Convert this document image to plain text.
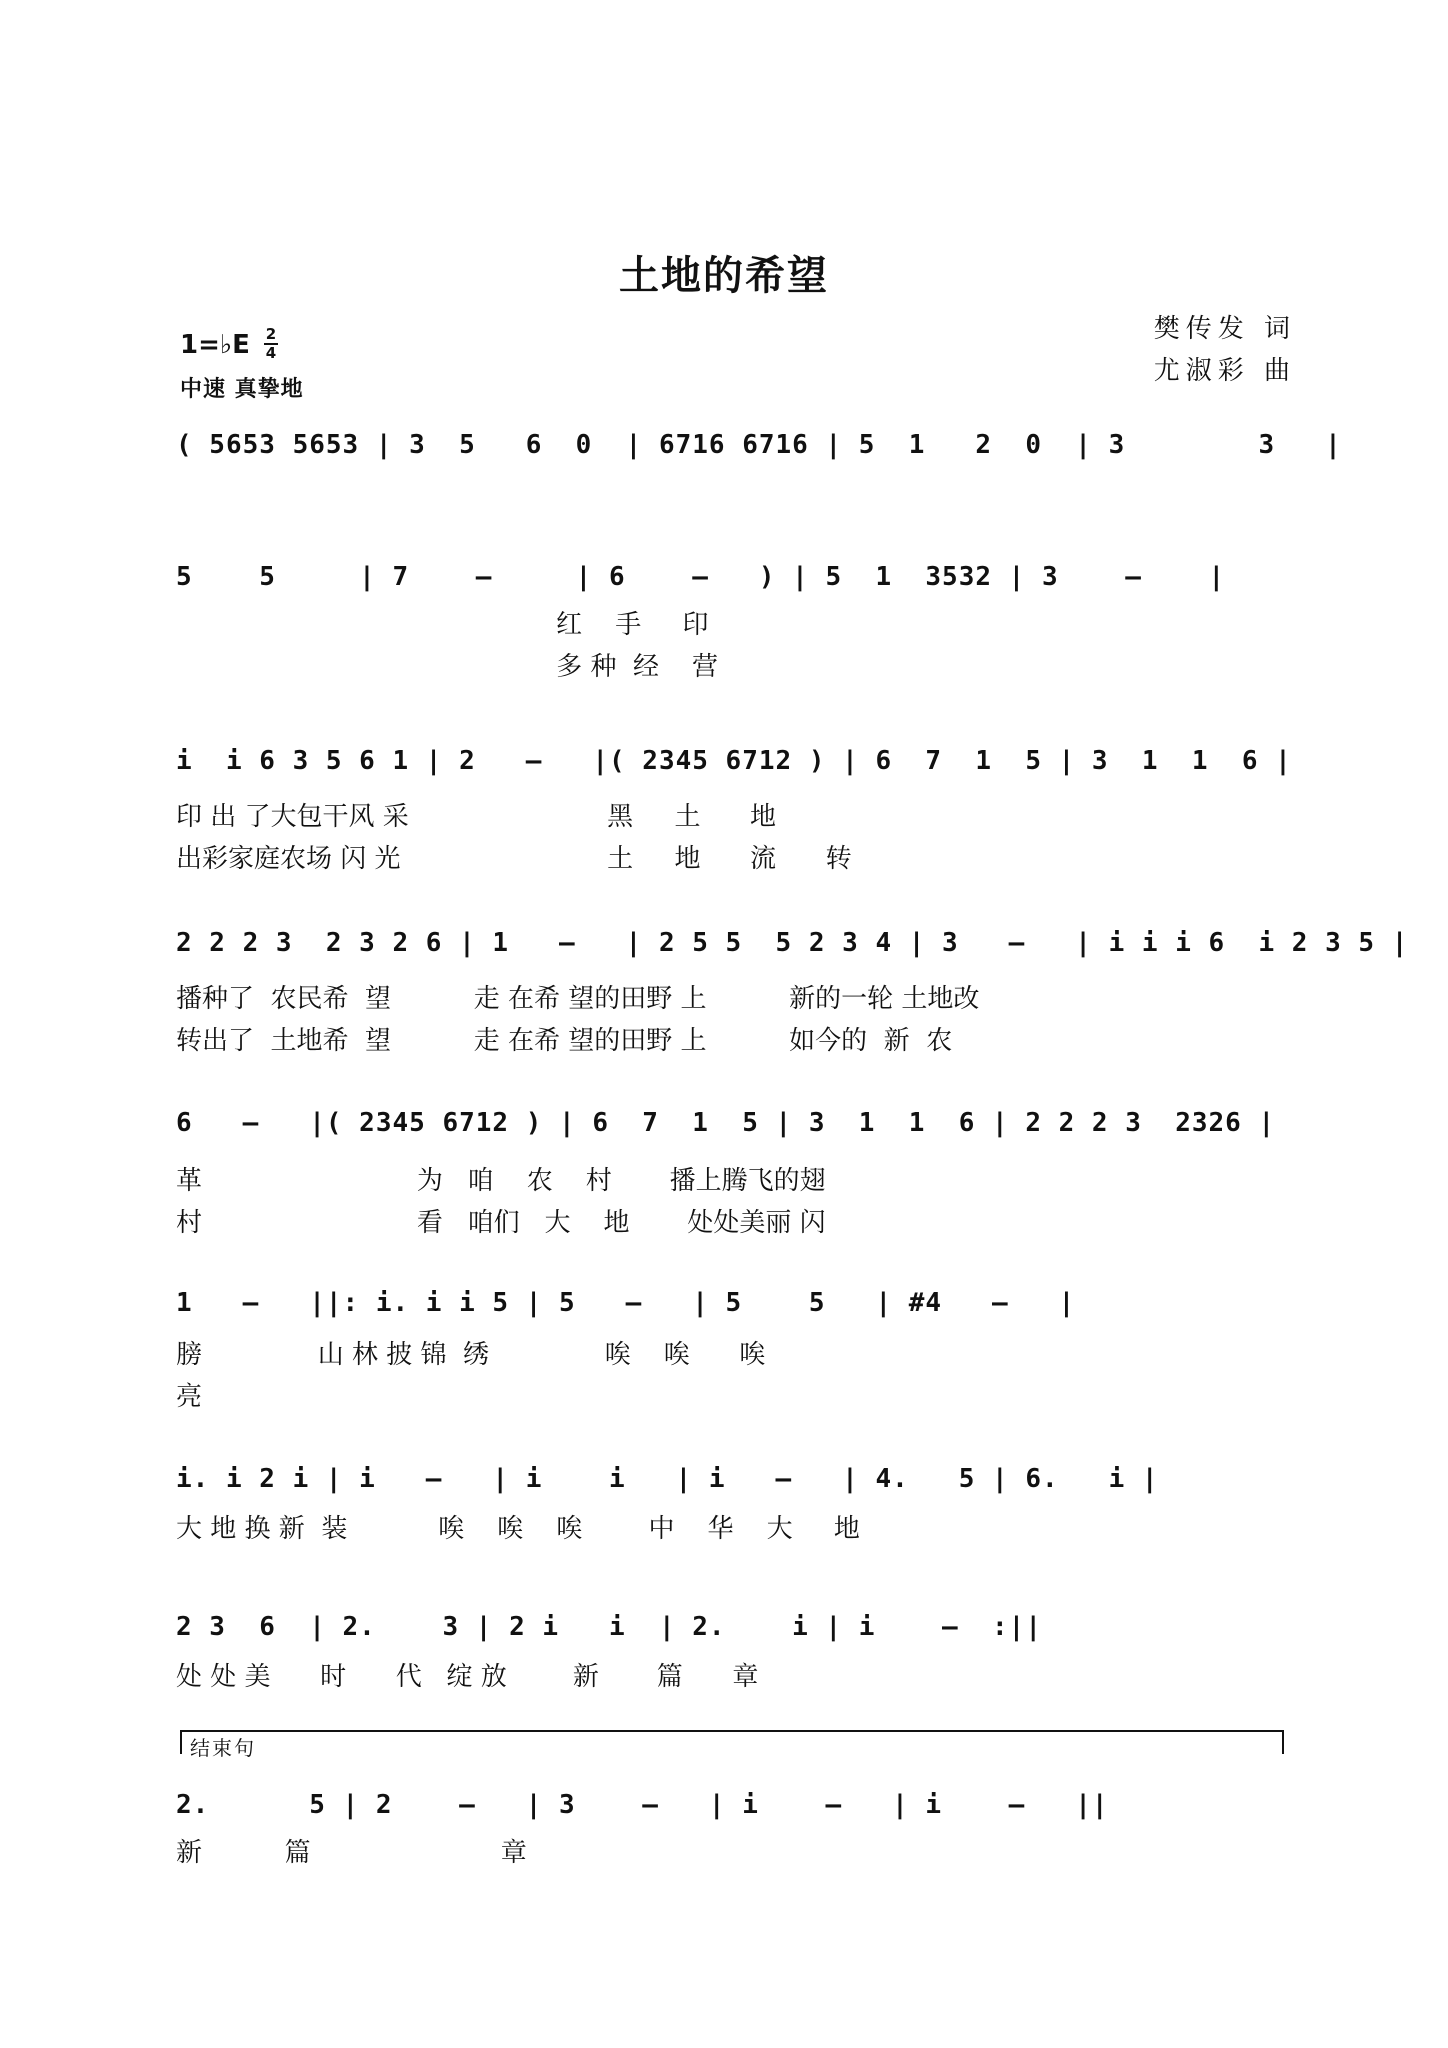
土地的希望
樊传发 词
尤淑彩 曲
1=♭E 2
4
中速 真挚地
( 5653 5653 | 3  5   6  0  | 6716 6716 | 5  1   2  0  | 3        3   |
5    5     | 7    –     | 6    –   ) | 5  1  3532 | 3    –    |
红    手     印
多 种  经    营
i  i 6 3 5 6 1 | 2   –   |( 2345 6712 ) | 6  7  1  5 | 3  1  1  6 |
印 出 了大包干风 采                        黑     土      地
出彩家庭农场 闪 光                         土     地      流      转
2 2 2 3  2 3 2 6 | 1   –   | 2 5 5  5 2 3 4 | 3   –   | i i i 6  i 2 3 5 |
播种了  农民希  望          走 在希 望的田野 上          新的一轮 土地改
转出了  土地希  望          走 在希 望的田野 上          如今的  新  农
6   –   |( 2345 6712 ) | 6  7  1  5 | 3  1  1  6 | 2 2 2 3  2326 |
革                          为   咱    农    村       播上腾飞的翅
村                          看   咱们   大    地       处处美丽 闪
1   –   ||: i. i i 5 | 5   –   | 5    5   | #4   –   |
膀              山 林 披 锦  绣              唉    唉      唉
亮
i. i 2 i | i   –   | i    i   | i   –   | 4.   5 | 6.   i |
大 地 换 新  装           唉    唉    唉        中    华    大     地
2 3  6  | 2.    3 | 2 i   i  | 2.    i | i    –  :||
处 处 美      时      代   绽 放        新       篇      章
结束句
2.      5 | 2    –   | 3    –   | i    –   | i    –   ||
新          篇                       章
